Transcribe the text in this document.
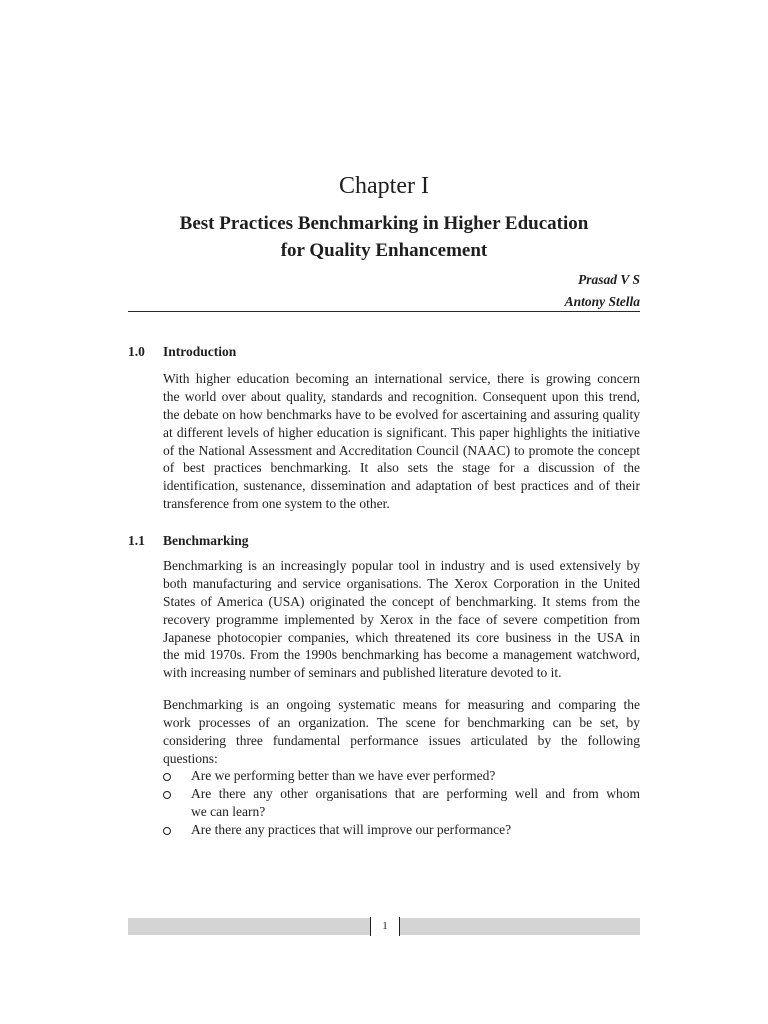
Chapter I
Best Practices Benchmarking in Higher Education
for Quality Enhancement
Prasad V S
Antony Stella
1.0 Introduction
With higher education becoming an international service, there is growing concern
the world over about quality, standards and recognition. Consequent upon this trend,
the debate on how benchmarks have to be evolved for ascertaining and assuring quality
at different levels of higher education is significant. This paper highlights the initiative
of the National Assessment and Accreditation Council (NAAC) to promote the concept
of best practices benchmarking. It also sets the stage for a discussion of the
identification, sustenance, dissemination and adaptation of best practices and of their
transference from one system to the other.
1.1 Benchmarking
Benchmarking is an increasingly popular tool in industry and is used extensively by
both manufacturing and service organisations. The Xerox Corporation in the United
States of America (USA) originated the concept of benchmarking. It stems from the
recovery programme implemented by Xerox in the face of severe competition from
Japanese photocopier companies, which threatened its core business in the USA in
the mid 1970s. From the 1990s benchmarking has become a management watchword,
with increasing number of seminars and published literature devoted to it.
Benchmarking is an ongoing systematic means for measuring and comparing the
work processes of an organization. The scene for benchmarking can be set, by
considering three fundamental performance issues articulated by the following
questions:
Are we performing better than we have ever performed?
Are there any other organisations that are performing well and from whom
we can learn?
Are there any practices that will improve our performance?
1
